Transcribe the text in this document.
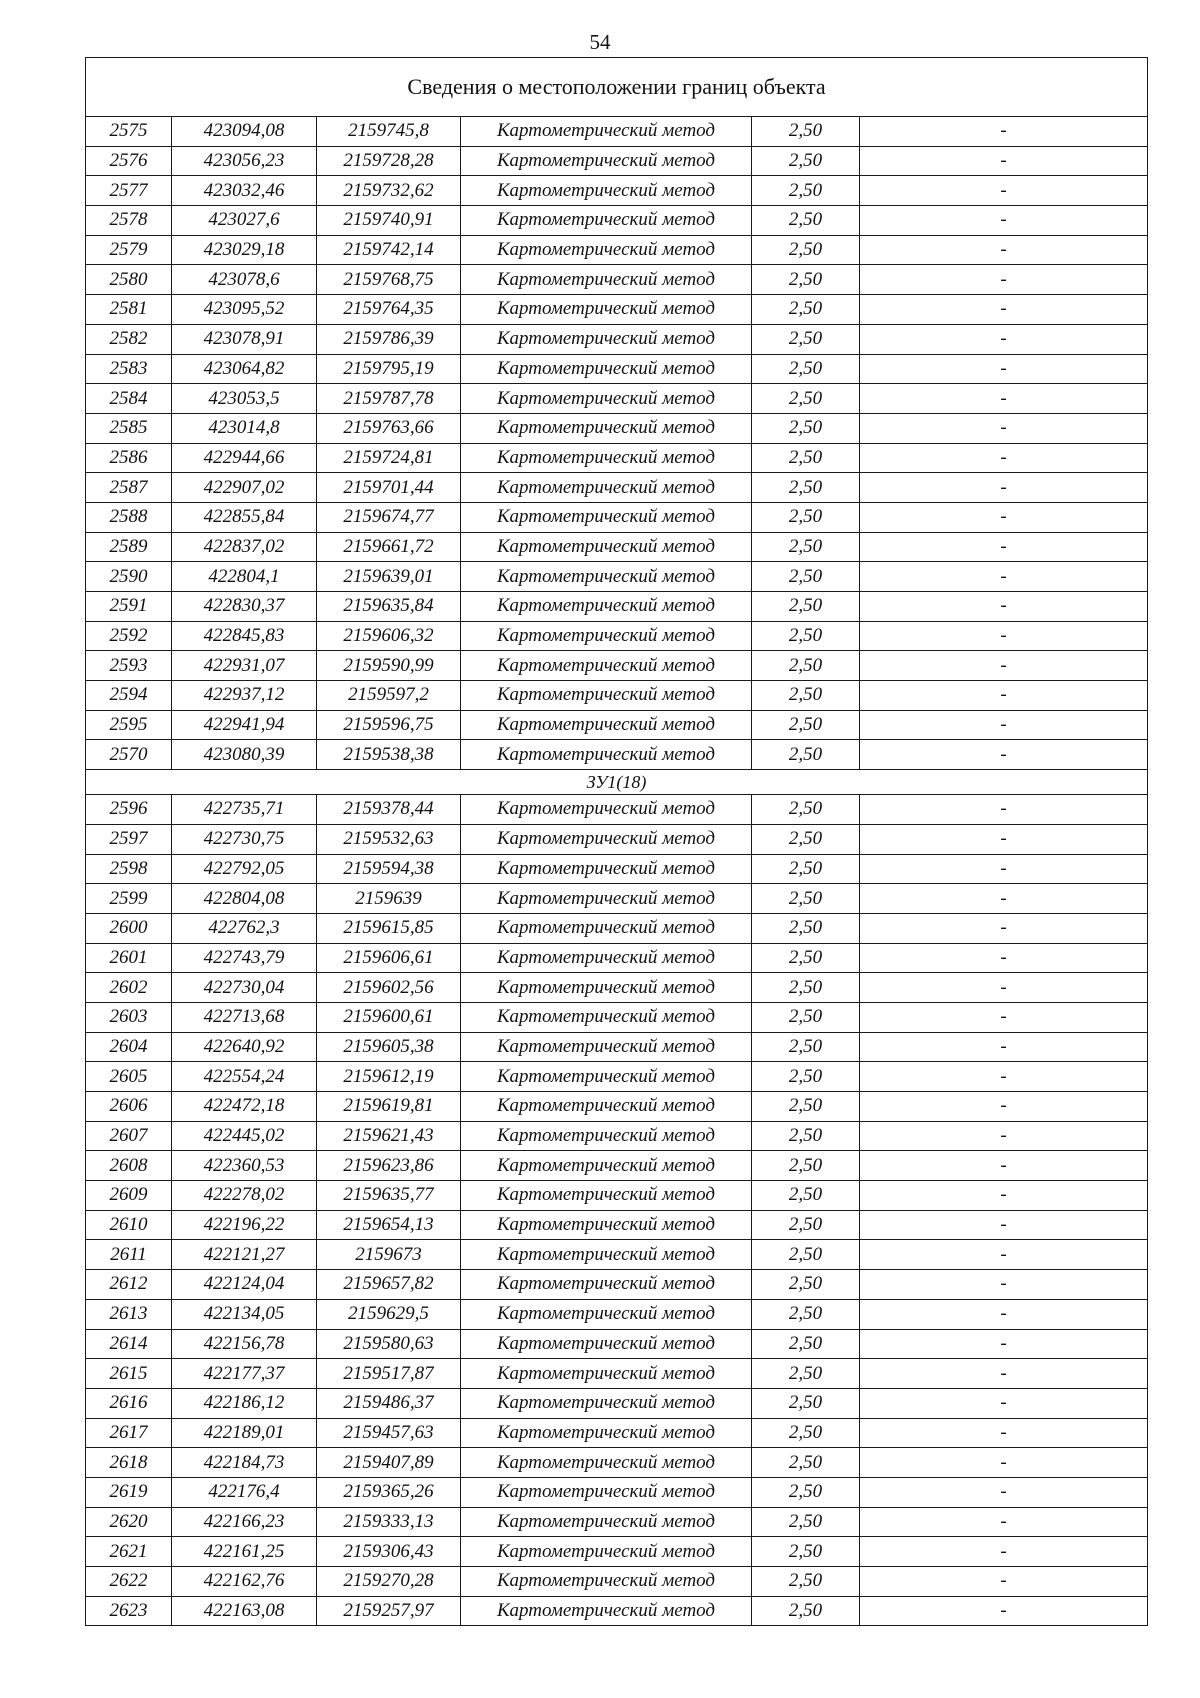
54
Сведения о местоположении границ объекта					
2575	423094,08	2159745,8	Картометрический метод	2,50	-
2576	423056,23	2159728,28	Картометрический метод	2,50	-
2577	423032,46	2159732,62	Картометрический метод	2,50	-
2578	423027,6	2159740,91	Картометрический метод	2,50	-
2579	423029,18	2159742,14	Картометрический метод	2,50	-
2580	423078,6	2159768,75	Картометрический метод	2,50	-
2581	423095,52	2159764,35	Картометрический метод	2,50	-
2582	423078,91	2159786,39	Картометрический метод	2,50	-
2583	423064,82	2159795,19	Картометрический метод	2,50	-
2584	423053,5	2159787,78	Картометрический метод	2,50	-
2585	423014,8	2159763,66	Картометрический метод	2,50	-
2586	422944,66	2159724,81	Картометрический метод	2,50	-
2587	422907,02	2159701,44	Картометрический метод	2,50	-
2588	422855,84	2159674,77	Картометрический метод	2,50	-
2589	422837,02	2159661,72	Картометрический метод	2,50	-
2590	422804,1	2159639,01	Картометрический метод	2,50	-
2591	422830,37	2159635,84	Картометрический метод	2,50	-
2592	422845,83	2159606,32	Картометрический метод	2,50	-
2593	422931,07	2159590,99	Картометрический метод	2,50	-
2594	422937,12	2159597,2	Картометрический метод	2,50	-
2595	422941,94	2159596,75	Картометрический метод	2,50	-
2570	423080,39	2159538,38	Картометрический метод	2,50	-
ЗУ1(18)					
2596	422735,71	2159378,44	Картометрический метод	2,50	-
2597	422730,75	2159532,63	Картометрический метод	2,50	-
2598	422792,05	2159594,38	Картометрический метод	2,50	-
2599	422804,08	2159639	Картометрический метод	2,50	-
2600	422762,3	2159615,85	Картометрический метод	2,50	-
2601	422743,79	2159606,61	Картометрический метод	2,50	-
2602	422730,04	2159602,56	Картометрический метод	2,50	-
2603	422713,68	2159600,61	Картометрический метод	2,50	-
2604	422640,92	2159605,38	Картометрический метод	2,50	-
2605	422554,24	2159612,19	Картометрический метод	2,50	-
2606	422472,18	2159619,81	Картометрический метод	2,50	-
2607	422445,02	2159621,43	Картометрический метод	2,50	-
2608	422360,53	2159623,86	Картометрический метод	2,50	-
2609	422278,02	2159635,77	Картометрический метод	2,50	-
2610	422196,22	2159654,13	Картометрический метод	2,50	-
2611	422121,27	2159673	Картометрический метод	2,50	-
2612	422124,04	2159657,82	Картометрический метод	2,50	-
2613	422134,05	2159629,5	Картометрический метод	2,50	-
2614	422156,78	2159580,63	Картометрический метод	2,50	-
2615	422177,37	2159517,87	Картометрический метод	2,50	-
2616	422186,12	2159486,37	Картометрический метод	2,50	-
2617	422189,01	2159457,63	Картометрический метод	2,50	-
2618	422184,73	2159407,89	Картометрический метод	2,50	-
2619	422176,4	2159365,26	Картометрический метод	2,50	-
2620	422166,23	2159333,13	Картометрический метод	2,50	-
2621	422161,25	2159306,43	Картометрический метод	2,50	-
2622	422162,76	2159270,28	Картометрический метод	2,50	-
2623	422163,08	2159257,97	Картометрический метод	2,50	-
